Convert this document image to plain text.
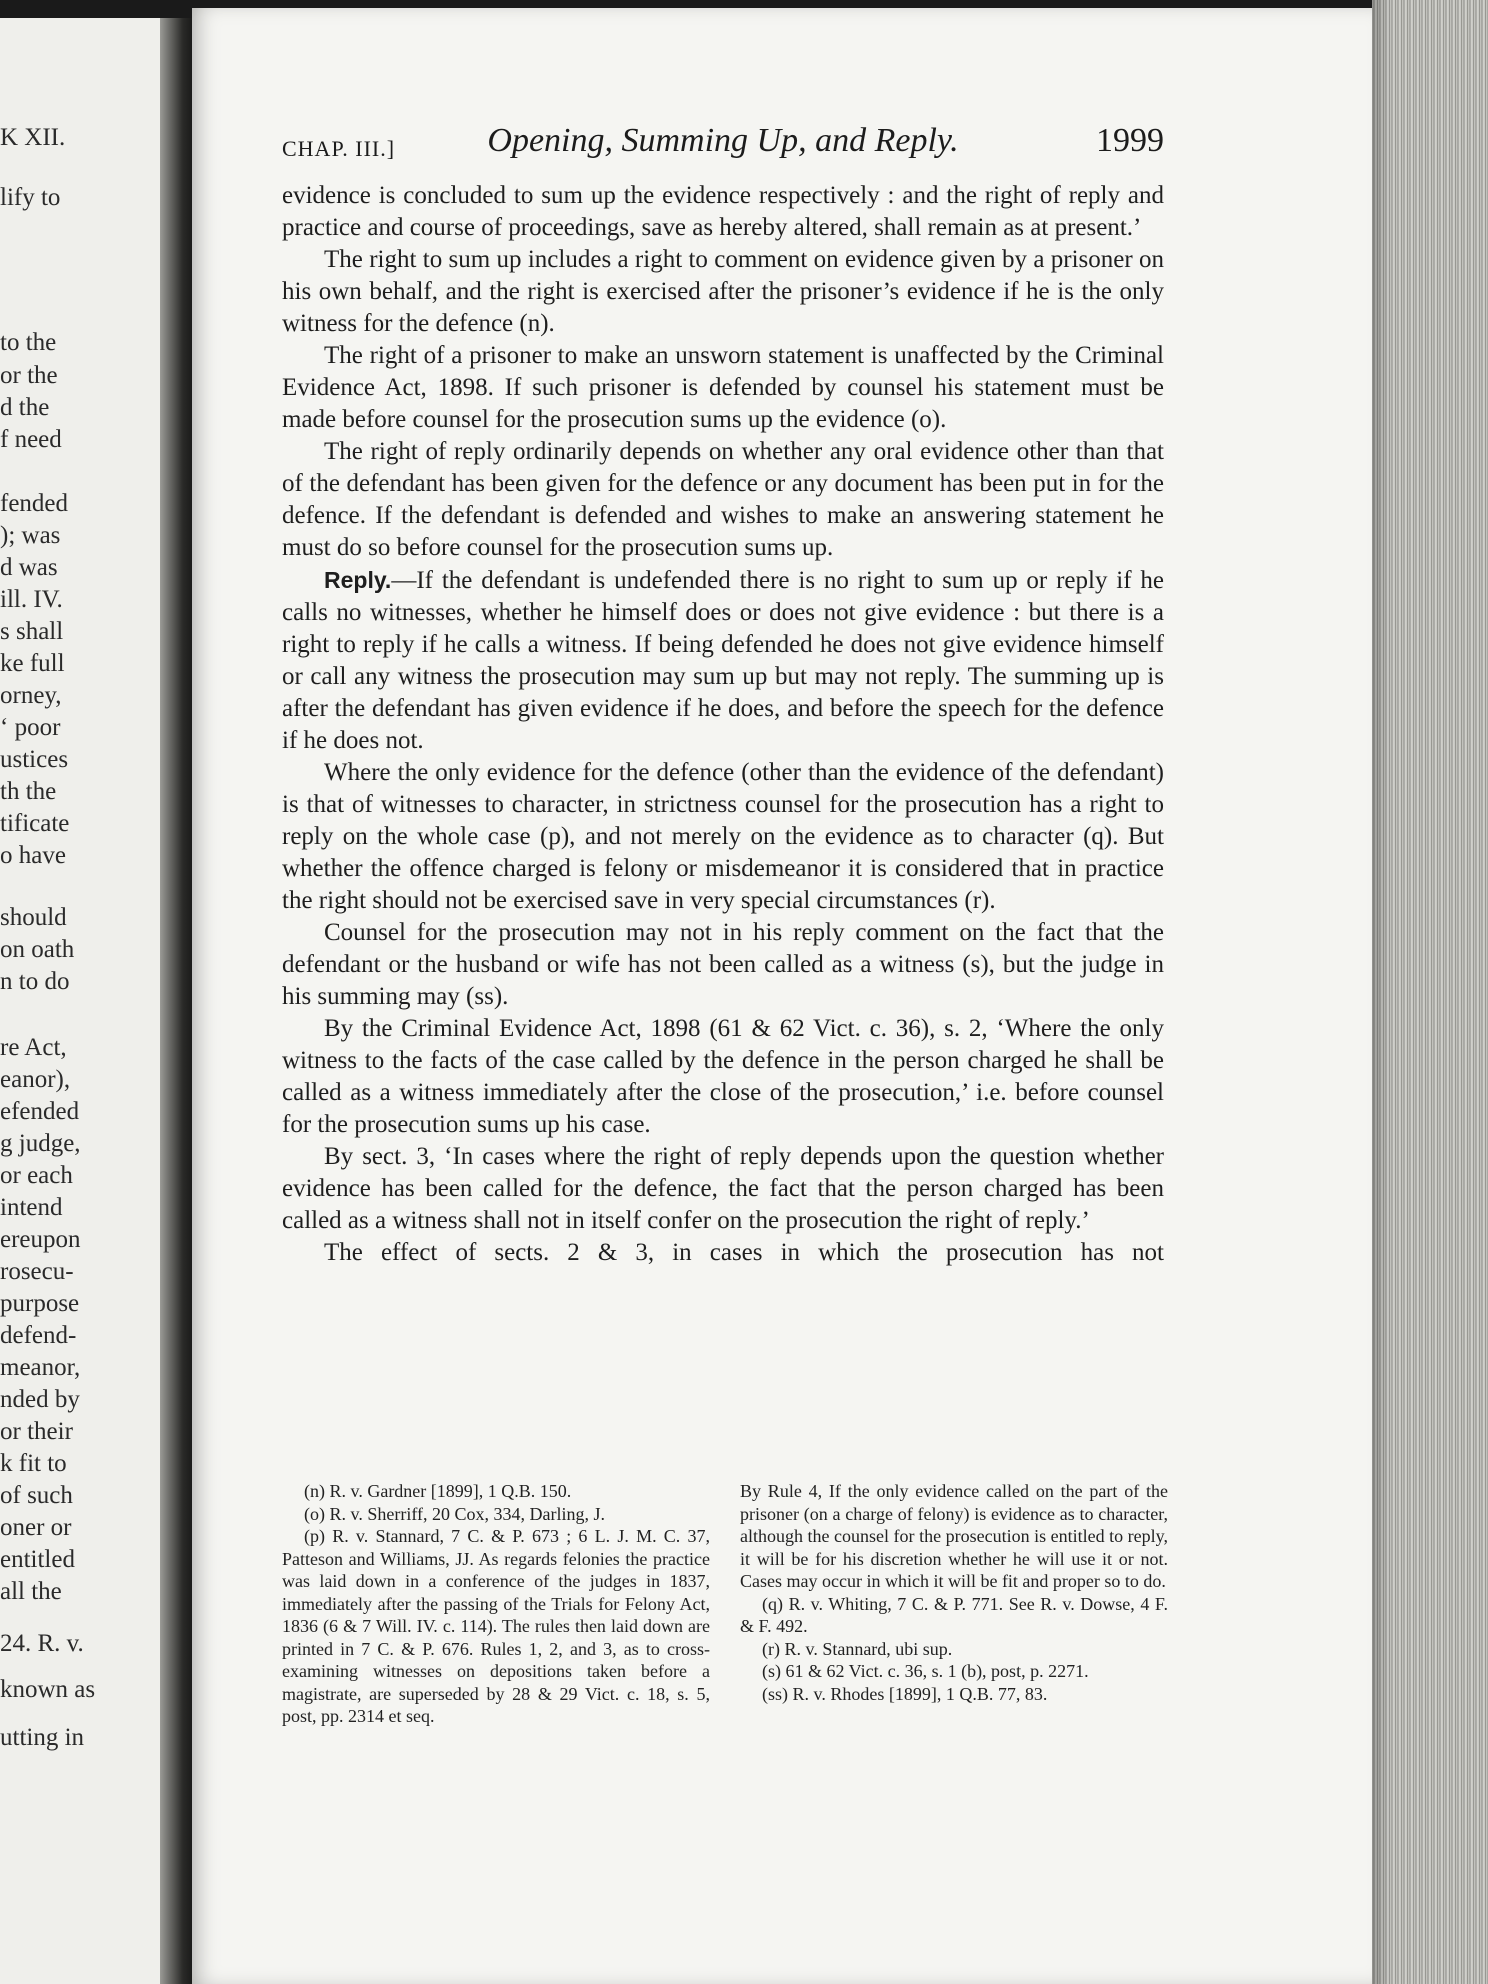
K XII.
lify to
to the
or the
d the
f need
fended
); was
d was
ill. IV.
s shall
ke full
orney,
‘ poor
ustices
th the
tificate
o have
should
on oath
n to do
re Act,
eanor),
efended
g judge,
or each
intend
ereupon
rosecu-
purpose
defend-
meanor,
nded by
or their
k fit to
of such
oner or
entitled
all the
24. R. v.
known as
utting in
CHAP. III.]	Opening, Summing Up, and Reply.	1999

evidence is concluded to sum up the evidence respectively : and the right of reply and practice and course of proceedings, save as hereby altered, shall remain as at present.’

The right to sum up includes a right to comment on evidence given by a prisoner on his own behalf, and the right is exercised after the prisoner’s evidence if he is the only witness for the defence (n).

The right of a prisoner to make an unsworn statement is unaffected by the Criminal Evidence Act, 1898. If such prisoner is defended by counsel his statement must be made before counsel for the prosecution sums up the evidence (o).

The right of reply ordinarily depends on whether any oral evidence other than that of the defendant has been given for the defence or any document has been put in for the defence. If the defendant is defended and wishes to make an answering statement he must do so before counsel for the prosecution sums up.

Reply.—If the defendant is undefended there is no right to sum up or reply if he calls no witnesses, whether he himself does or does not give evidence : but there is a right to reply if he calls a witness. If being defended he does not give evidence himself or call any witness the prosecution may sum up but may not reply. The summing up is after the defendant has given evidence if he does, and before the speech for the defence if he does not.

Where the only evidence for the defence (other than the evidence of the defendant) is that of witnesses to character, in strictness counsel for the prosecution has a right to reply on the whole case (p), and not merely on the evidence as to character (q). But whether the offence charged is felony or misdemeanor it is considered that in practice the right should not be exercised save in very special circumstances (r).

Counsel for the prosecution may not in his reply comment on the fact that the defendant or the husband or wife has not been called as a witness (s), but the judge in his summing may (ss).

By the Criminal Evidence Act, 1898 (61 & 62 Vict. c. 36), s. 2, ‘Where the only witness to the facts of the case called by the defence in the person charged he shall be called as a witness immediately after the close of the prosecution,’ i.e. before counsel for the prosecution sums up his case.

By sect. 3, ‘In cases where the right of reply depends upon the question whether evidence has been called for the defence, the fact that the person charged has been called as a witness shall not in itself confer on the prosecution the right of reply.’

The effect of sects. 2 & 3, in cases in which the prosecution has not

(n) R. v. Gardner [1899], 1 Q.B. 150.

(o) R. v. Sherriff, 20 Cox, 334, Darling, J.

(p) R. v. Stannard, 7 C. & P. 673 ; 6 L. J. M. C. 37, Patteson and Williams, JJ. As regards felonies the practice was laid down in a conference of the judges in 1837, immediately after the passing of the Trials for Felony Act, 1836 (6 & 7 Will. IV. c. 114). The rules then laid down are printed in 7 C. & P. 676. Rules 1, 2, and 3, as to cross-examining witnesses on depositions taken before a magistrate, are superseded by 28 & 29 Vict. c. 18, s. 5, post, pp. 2314 et seq.

By Rule 4, If the only evidence called on the part of the prisoner (on a charge of felony) is evidence as to character, although the counsel for the prosecution is entitled to reply, it will be for his discretion whether he will use it or not. Cases may occur in which it will be fit and proper so to do.

(q) R. v. Whiting, 7 C. & P. 771. See R. v. Dowse, 4 F. & F. 492.

(r) R. v. Stannard, ubi sup.

(s) 61 & 62 Vict. c. 36, s. 1 (b), post, p. 2271.

(ss) R. v. Rhodes [1899], 1 Q.B. 77, 83.
